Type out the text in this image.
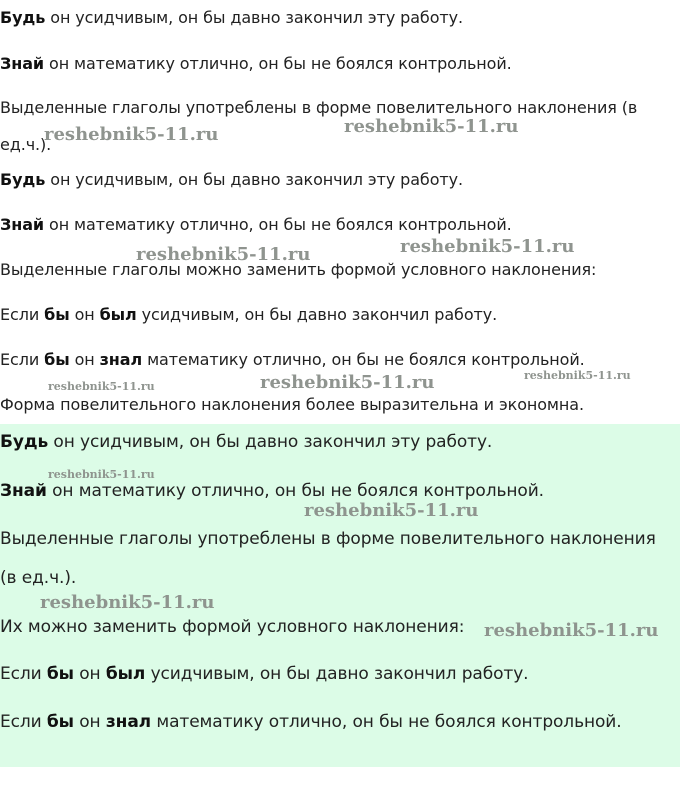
Будь он усидчивым, он бы давно закончил эту работу.
Знай он математику отлично, он бы не боялся контрольной.
Выделенные глаголы употреблены в форме повелительного наклонения (в
ед.ч.).
Будь он усидчивым, он бы давно закончил эту работу.
Знай он математику отлично, он бы не боялся контрольной.
Выделенные глаголы можно заменить формой условного наклонения:
Если бы он был усидчивым, он бы давно закончил работу.
Если бы он знал математику отлично, он бы не боялся контрольной.
Форма повелительного наклонения более выразительна и экономна.
Будь он усидчивым, он бы давно закончил эту работу.
Знай он математику отлично, он бы не боялся контрольной.
Выделенные глаголы употреблены в форме повелительного наклонения
(в ед.ч.).
Их можно заменить формой условного наклонения:
Если бы он был усидчивым, он бы давно закончил работу.
Если бы он знал математику отлично, он бы не боялся контрольной.
reshebnik5-11.ru	reshebnik5-11.ru
reshebnik5-11.ru	reshebnik5-11.ru
reshebnik5-11.ru	reshebnik5-11.ru	reshebnik5-11.ru
reshebnik5-11.ru
reshebnik5-11.ru
reshebnik5-11.ru
reshebnik5-11.ru
